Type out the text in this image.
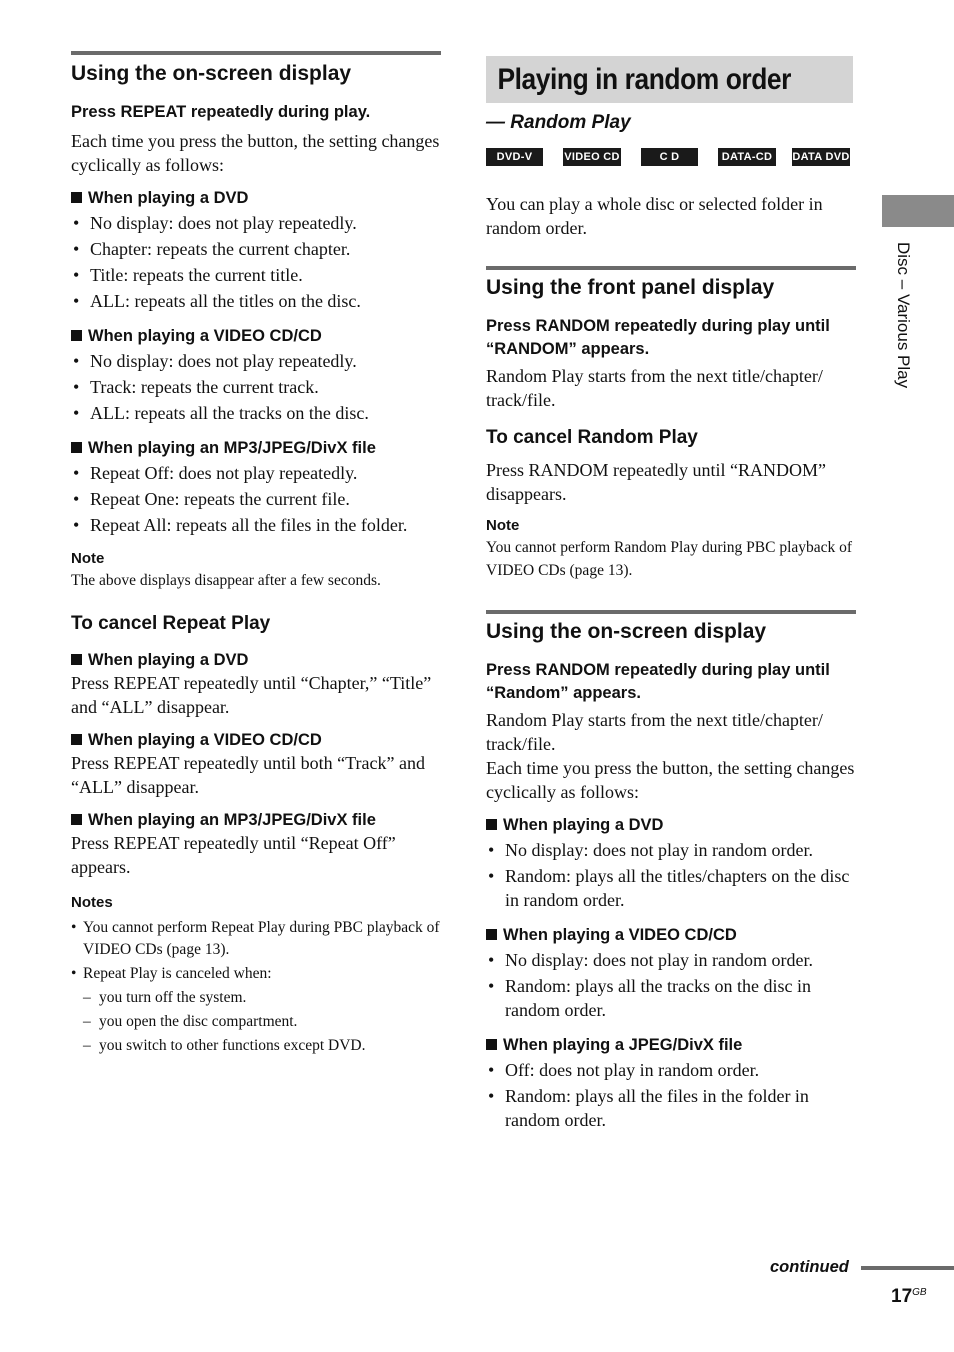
Using the on-screen display

Press REPEAT repeatedly during play.

Each time you press the button, the setting changes cyclically as follows:

When playing a DVD

• No display: does not play repeatedly.
• Chapter: repeats the current chapter.
• Title: repeats the current title.
• ALL: repeats all the titles on the disc.

When playing a VIDEO CD/CD

• No display: does not play repeatedly.
• Track: repeats the current track.
• ALL: repeats all the tracks on the disc.

When playing an MP3/JPEG/DivX file

• Repeat Off: does not play repeatedly.
• Repeat One: repeats the current file.
• Repeat All: repeats all the files in the folder.

Note

The above displays disappear after a few seconds.

To cancel Repeat Play

When playing a DVD

Press REPEAT repeatedly until “Chapter,” “Title” and “ALL” disappear.

When playing a VIDEO CD/CD

Press REPEAT repeatedly until both “Track” and “ALL” disappear.

When playing an MP3/JPEG/DivX file

Press REPEAT repeatedly until “Repeat Off” appears.

Notes

• You cannot perform Repeat Play during PBC playback of VIDEO CDs (page 13).
• Repeat Play is canceled when:
– you turn off the system.
– you open the disc compartment.
– you switch to other functions except DVD.
Playing in random order
— Random Play
DVD-V	VIDEO CD	C D	DATA-CD	DATA DVD

You can play a whole disc or selected folder in random order.

Using the front panel display

Press RANDOM repeatedly during play until “RANDOM” appears.

Random Play starts from the next title/chapter/ track/file.

To cancel Random Play

Press RANDOM repeatedly until “RANDOM” disappears.

Note

You cannot perform Random Play during PBC playback of VIDEO CDs (page 13).

Using the on-screen display

Press RANDOM repeatedly during play until “Random” appears.

Random Play starts from the next title/chapter/ track/file.

Each time you press the button, the setting changes cyclically as follows:

When playing a DVD

• No display: does not play in random order.
• Random: plays all the titles/chapters on the disc in random order.

When playing a VIDEO CD/CD

• No display: does not play in random order.
• Random: plays all the tracks on the disc in random order.

When playing a JPEG/DivX file

• Off: does not play in random order.
• Random: plays all the files in the folder in random order.
Disc – Various Play
continued
$17^{GB}$
